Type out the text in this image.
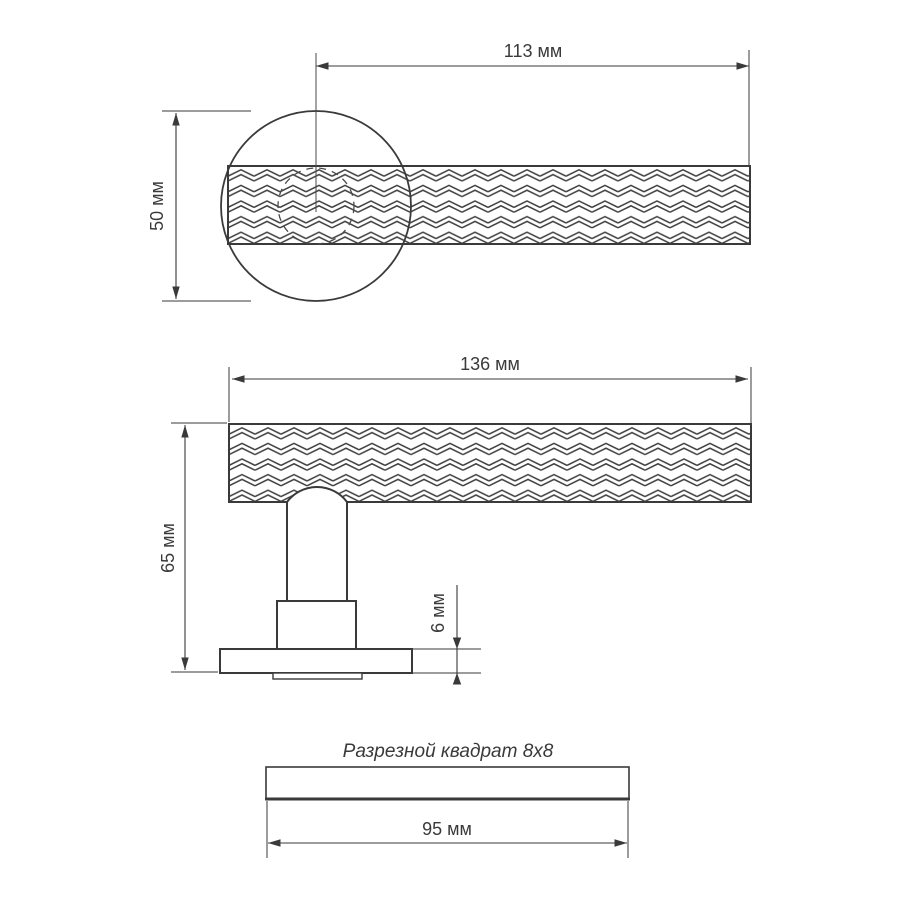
113 мм
50 мм
136 мм
65 мм
6 мм
Разрезной квадрат 8x8
95 мм
